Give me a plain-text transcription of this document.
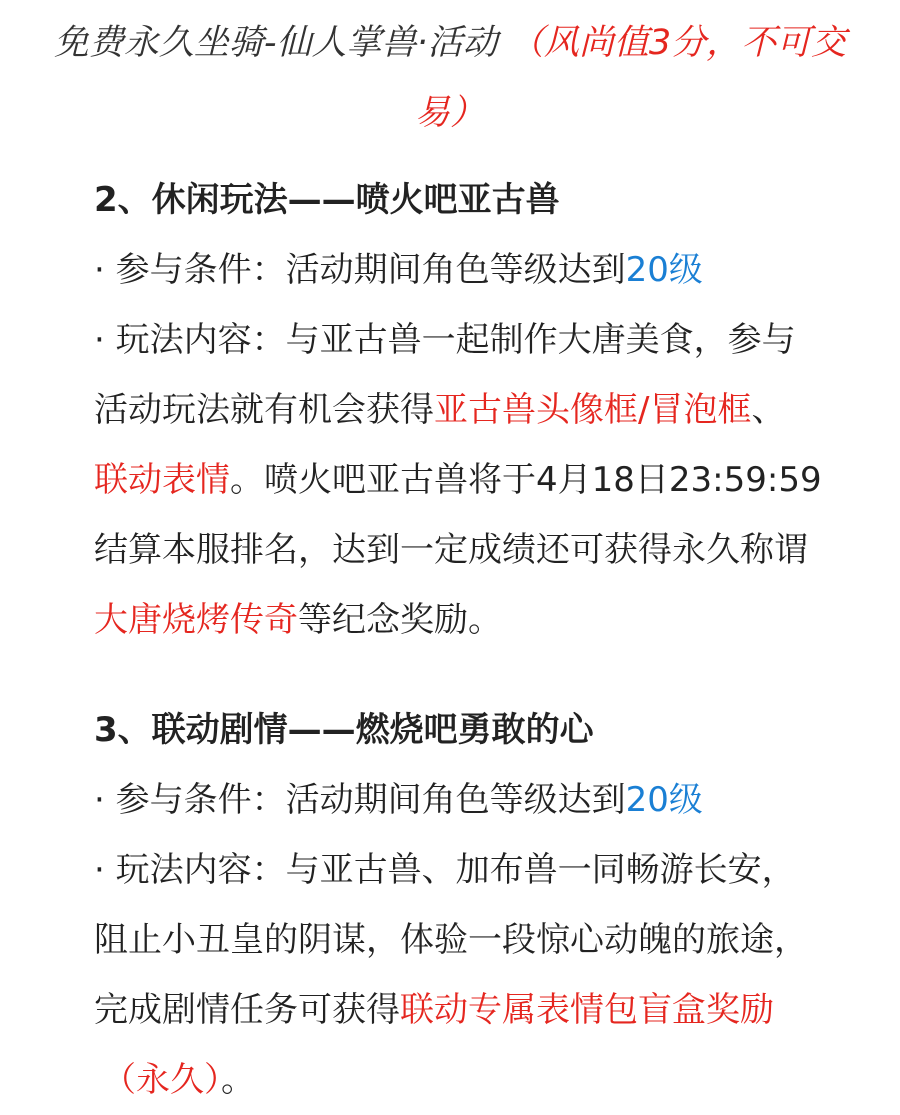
免费永久坐骑-仙人掌兽·活动 （风尚值3分，不可交
易）
2、休闲玩法——喷火吧亚古兽
· 参与条件：活动期间角色等级达到20级
· 玩法内容：与亚古兽一起制作大唐美食，参与
活动玩法就有机会获得亚古兽头像框/冒泡框、
联动表情。喷火吧亚古兽将于4月18日23:59:59
结算本服排名，达到一定成绩还可获得永久称谓
大唐烧烤传奇等纪念奖励。
3、联动剧情——燃烧吧勇敢的心
· 参与条件：活动期间角色等级达到20级
· 玩法内容：与亚古兽、加布兽一同畅游长安，
阻止小丑皇的阴谋，体验一段惊心动魄的旅途，
完成剧情任务可获得联动专属表情包盲盒奖励
（永久）。
